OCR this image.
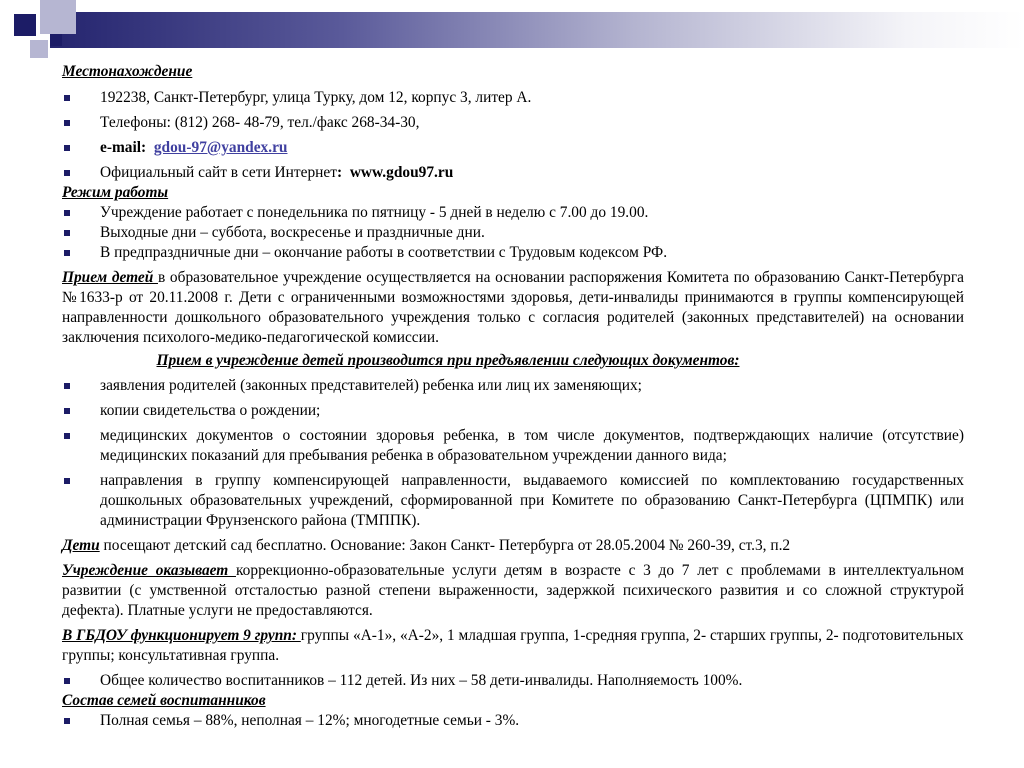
Местонахождение
192238, Санкт-Петербург, улица Турку, дом 12, корпус 3, литер А.
Телефоны: (812) 268- 48-79, тел./факс 268-34-30,
e-mail: gdou-97@yandex.ru
Официальный сайт в сети Интернет: www.gdou97.ru
Режим работы
Учреждение работает с понедельника по пятницу - 5 дней в неделю с 7.00 до 19.00.
Выходные дни – суббота, воскресенье и праздничные дни.
В предпраздничные дни – окончание работы в соответствии с Трудовым кодексом РФ.
Прием детей в образовательное учреждение осуществляется на основании распоряжения Комитета по образованию Санкт-Петербурга №1633-р от 20.11.2008 г. Дети с ограниченными возможностями здоровья, дети-инвалиды принимаются в группы компенсирующей направленности дошкольного образовательного учреждения только с согласия родителей (законных представителей) на основании заключения психолого-медико-педагогической комиссии.
Прием в учреждение детей производится при предъявлении следующих документов:
заявления родителей (законных представителей) ребенка или лиц их заменяющих;
копии свидетельства о рождении;
медицинских документов о состоянии здоровья ребенка, в том числе документов, подтверждающих наличие (отсутствие) медицинских показаний для пребывания ребенка в образовательном учреждении данного вида;
направления в группу компенсирующей направленности, выдаваемого комиссией по комплектованию государственных дошкольных образовательных учреждений, сформированной при Комитете по образованию Санкт-Петербурга (ЦПМПК) или администрации Фрунзенского района (ТМППК).
Дети посещают детский сад бесплатно. Основание: Закон Санкт- Петербурга от 28.05.2004 № 260-39, ст.3, п.2
Учреждение оказывает коррекционно-образовательные услуги детям в возрасте с 3 до 7 лет с проблемами в интеллектуальном развитии (с умственной отсталостью разной степени выраженности, задержкой психического развития и со сложной структурой дефекта). Платные услуги не предоставляются.
В ГБДОУ функционирует 9 групп: группы «А-1», «А-2», 1 младшая группа, 1-средняя группа, 2- старших группы, 2- подготовительных группы; консультативная группа.
Общее количество воспитанников – 112 детей. Из них – 58 дети-инвалиды. Наполняемость 100%.
Состав семей воспитанников
Полная семья – 88%, неполная – 12%; многодетные семьи - 3%.
